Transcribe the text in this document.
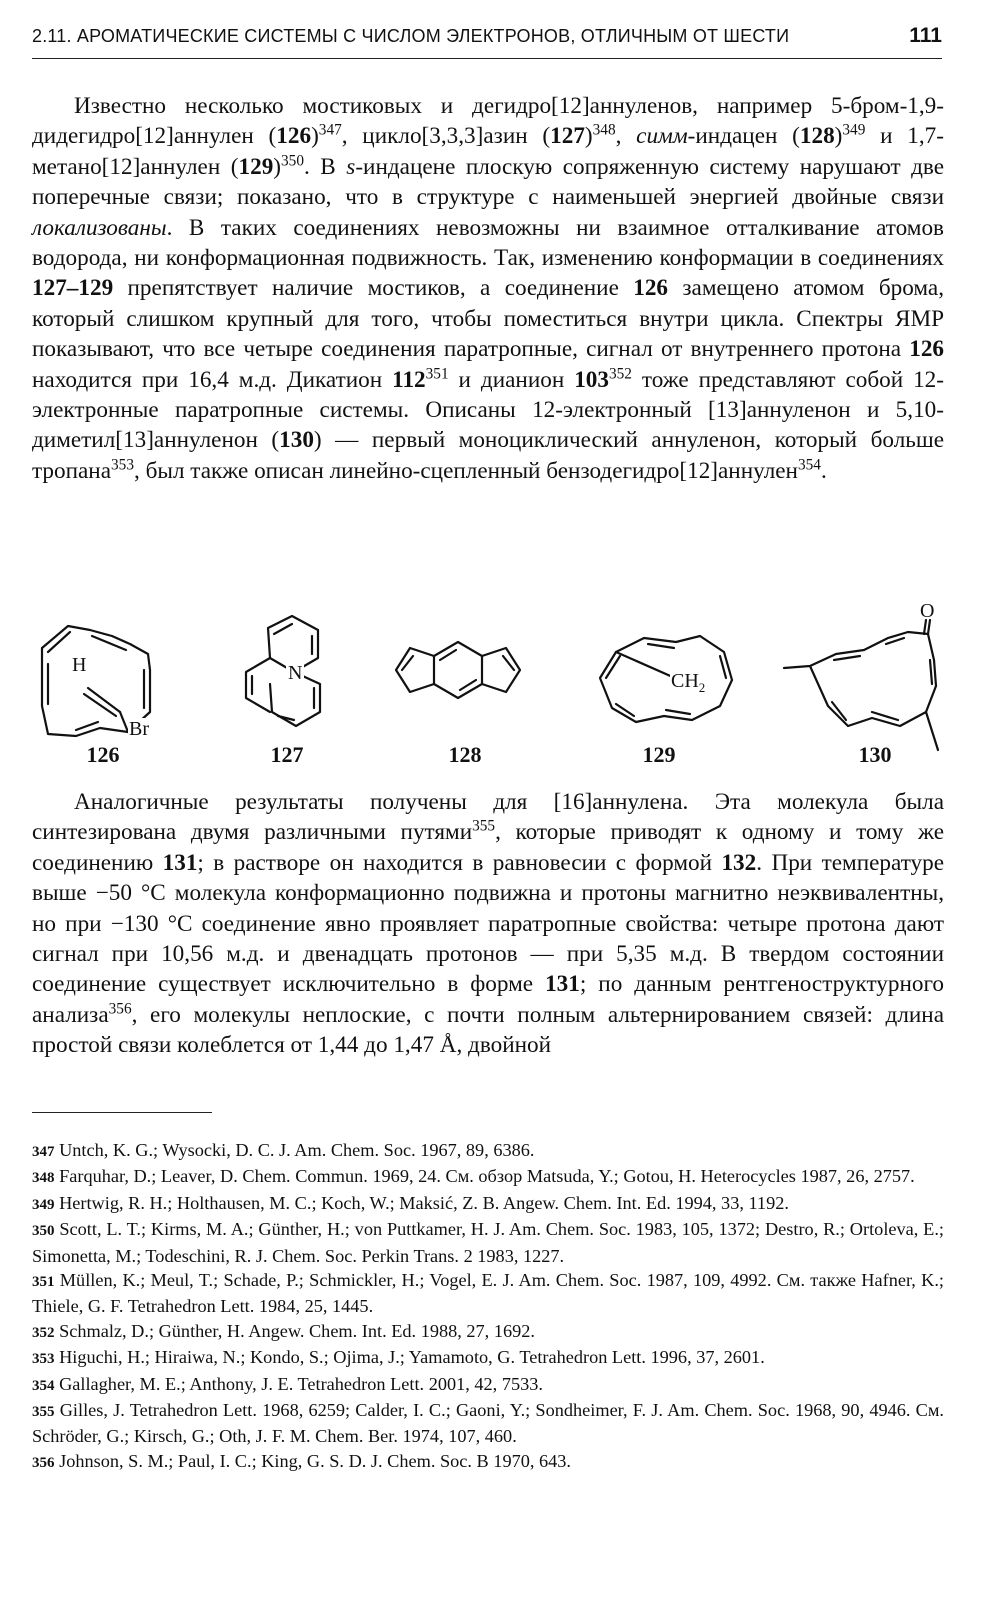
2.11. АРОМАТИЧЕСКИЕ СИСТЕМЫ С ЧИСЛОМ ЭЛЕКТРОНОВ, ОТЛИЧНЫМ ОТ ШЕСТИ	111
Известно несколько мостиковых и дегидро[12]аннуленов, например 5-бром-1,9-дидегидро[12]аннулен $(126)^{347}$, цикло[3,3,3]азин $(127)^{348}$, симм-индацен $(128)^{349}$ и 1,7-метано[12]аннулен $(129)^{350}$. В s-индацене плоскую сопряженную систему нарушают две поперечные связи; показано, что в структуре с наименьшей энергией двойные связи локализованы. В таких соединениях невозможны ни взаимное отталкивание атомов водорода, ни конформационная подвижность. Так, изменению конформации в соединениях 127–129 препятствует наличие мостиков, а соединение 126 замещено атомом брома, который слишком крупный для того, чтобы поместиться внутри цикла. Спектры ЯМР показывают, что все четыре соединения паратропные, сигнал от внутреннего протона 126 находится при 16,4 м.д. Дикатион $112^{351}$ и дианион $103^{352}$ тоже представляют собой 12-электронные паратропные системы. Описаны 12-электронный [13]аннуленон и 5,10-диметил[13]аннуленон (130) — первый моноциклический аннуленон, который больше тропана$^{353}$, был также описан линейно-сцепленный бензодегидро[12]аннулен$^{354}$.
H
Br
N	$CH_2$
O
126	127	128	129	130
Аналогичные результаты получены для [16]аннулена. Эта молекула была синтезирована двумя различными путями$^{355}$, которые приводят к одному и тому же соединению 131; в растворе он находится в равновесии с формой 132. При температуре выше −50 °С молекула конформационно подвижна и протоны магнитно неэквивалентны, но при −130 °С соединение явно проявляет паратропные свойства: четыре протона дают сигнал при 10,56 м.д. и двенадцать протонов — при 5,35 м.д. В твердом состоянии соединение существует исключительно в форме 131; по данным рентгеноструктурного анализа$^{356}$, его молекулы неплоские, с почти полным альтернированием связей: длина простой связи колеблется от 1,44 до 1,47 Å, двойной

347 Untch, K. G.; Wysocki, D. C. J. Am. Chem. Soc. 1967, 89, 6386.

348 Farquhar, D.; Leaver, D. Chem. Commun. 1969, 24. См. обзор Matsuda, Y.; Gotou, H. Heterocycles 1987, 26, 2757.

349 Hertwig, R. H.; Holthausen, M. C.; Koch, W.; Maksić, Z. B. Angew. Chem. Int. Ed. 1994, 33, 1192.

350 Scott, L. T.; Kirms, M. A.; Günther, H.; von Puttkamer, H. J. Am. Chem. Soc. 1983, 105, 1372; Destro, R.; Ortoleva, E.; Simonetta, M.; Todeschini, R. J. Chem. Soc. Perkin Trans. 2 1983, 1227.

351 Müllen, K.; Meul, T.; Schade, P.; Schmickler, H.; Vogel, E. J. Am. Chem. Soc. 1987, 109, 4992. См. также Hafner, K.; Thiele, G. F. Tetrahedron Lett. 1984, 25, 1445.

352 Schmalz, D.; Günther, H. Angew. Chem. Int. Ed. 1988, 27, 1692.

353 Higuchi, H.; Hiraiwa, N.; Kondo, S.; Ojima, J.; Yamamoto, G. Tetrahedron Lett. 1996, 37, 2601.

354 Gallagher, M. E.; Anthony, J. E. Tetrahedron Lett. 2001, 42, 7533.

355 Gilles, J. Tetrahedron Lett. 1968, 6259; Calder, I. C.; Gaoni, Y.; Sondheimer, F. J. Am. Chem. Soc. 1968, 90, 4946. См. Schröder, G.; Kirsch, G.; Oth, J. F. M. Chem. Ber. 1974, 107, 460.

356 Johnson, S. M.; Paul, I. C.; King, G. S. D. J. Chem. Soc. B 1970, 643.
